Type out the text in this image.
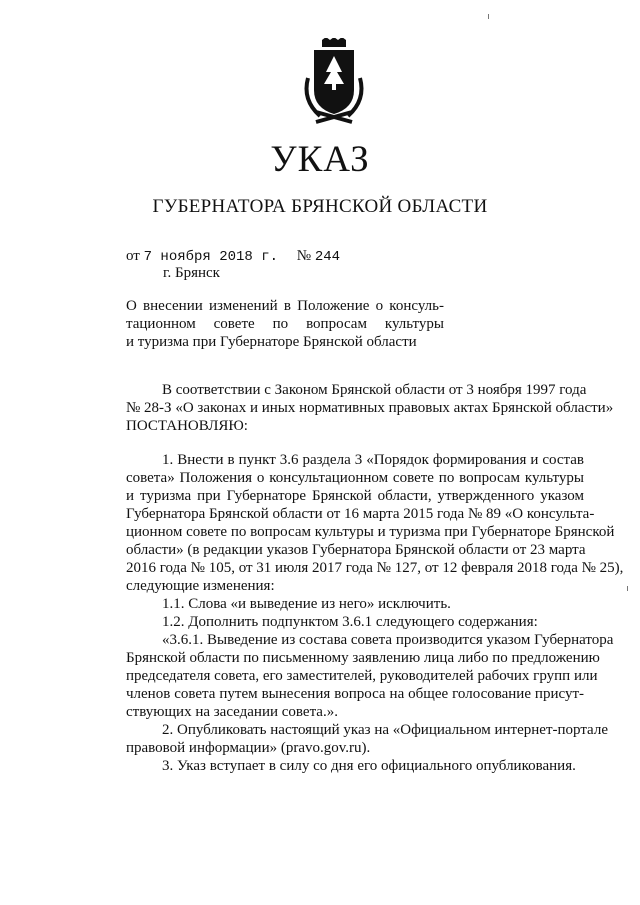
УКАЗ
ГУБЕРНАТОРА БРЯНСКОЙ ОБЛАСТИ
от 7 ноября 2018 г. № 244
г. Брянск
О внесении изменений в Положение о консуль-
тационном совете по вопросам культуры
и туризма при Губернаторе Брянской области
В соответствии с Законом Брянской области от 3 ноября 1997 года
№ 28-З «О законах и иных нормативных правовых актах Брянской области»
ПОСТАНОВЛЯЮ:
1. Внести в пункт 3.6 раздела 3 «Порядок формирования и состав
совета» Положения о консультационном совете по вопросам культуры
и туризма при Губернаторе Брянской области, утвержденного указом
Губернатора Брянской области от 16 марта 2015 года № 89 «О консульта-
ционном совете по вопросам культуры и туризма при Губернаторе Брянской
области» (в редакции указов Губернатора Брянской области от 23 марта
2016 года № 105, от 31 июля 2017 года № 127, от 12 февраля 2018 года № 25),
следующие изменения:
1.1. Слова «и выведение из него» исключить.
1.2. Дополнить подпунктом 3.6.1 следующего содержания:
«3.6.1. Выведение из состава совета производится указом Губернатора
Брянской области по письменному заявлению лица либо по предложению
председателя совета, его заместителей, руководителей рабочих групп или
членов совета путем вынесения вопроса на общее голосование присут-
ствующих на заседании совета.».
2. Опубликовать настоящий указ на «Официальном интернет-портале
правовой информации» (pravo.gov.ru).
3. Указ вступает в силу со дня его официального опубликования.
